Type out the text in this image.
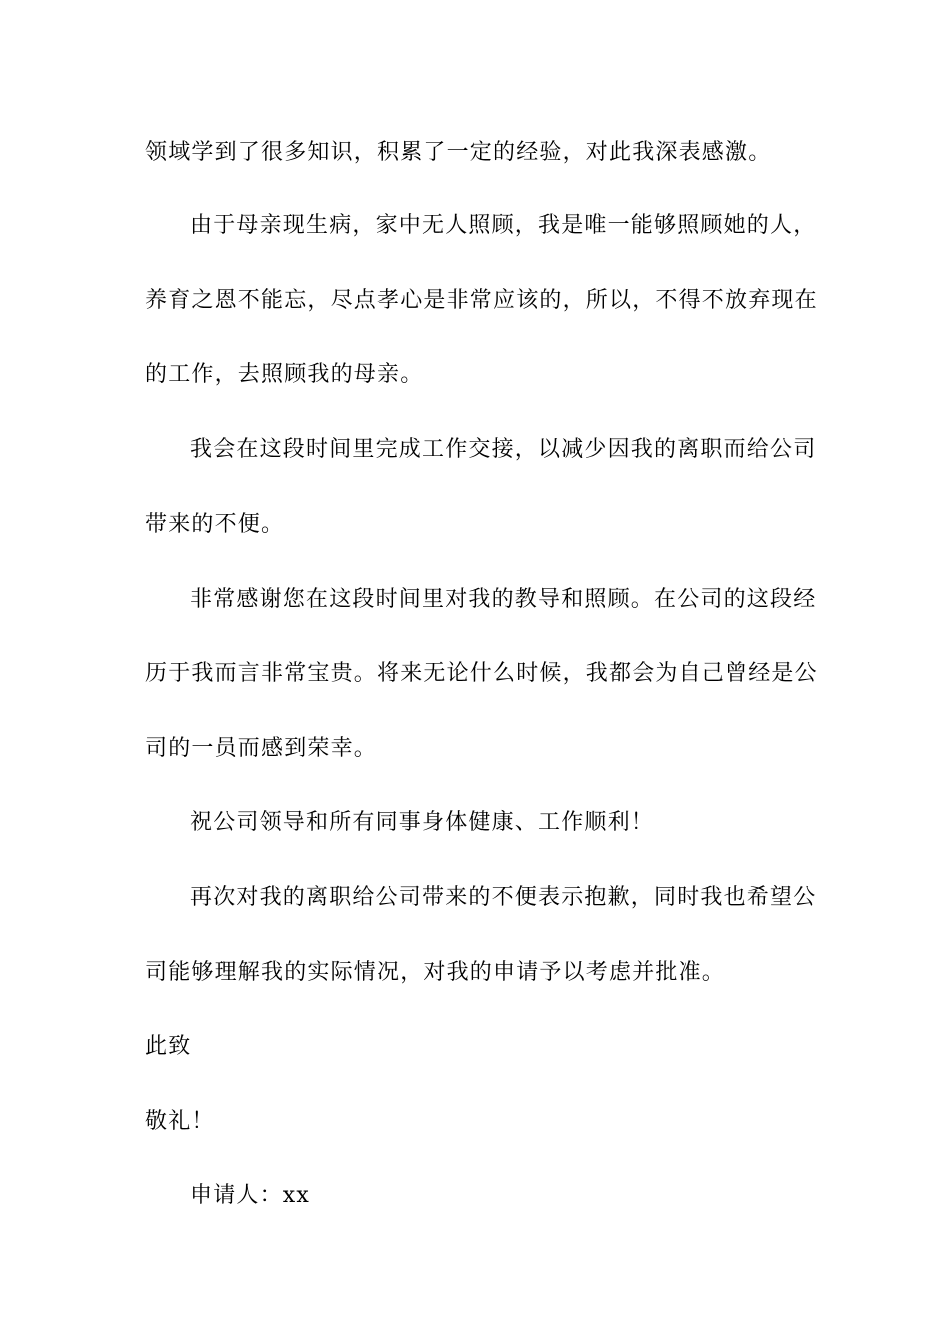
领域学到了很多知识，积累了一定的经验，对此我深表感激。
由于母亲现生病，家中无人照顾，我是唯一能够照顾她的人，
养育之恩不能忘，尽点孝心是非常应该的，所以，不得不放弃现在
的工作，去照顾我的母亲。
我会在这段时间里完成工作交接，以减少因我的离职而给公司
带来的不便。
非常感谢您在这段时间里对我的教导和照顾。在公司的这段经
历于我而言非常宝贵。将来无论什么时候，我都会为自己曾经是公
司的一员而感到荣幸。
祝公司领导和所有同事身体健康、工作顺利！
再次对我的离职给公司带来的不便表示抱歉，同时我也希望公
司能够理解我的实际情况，对我的申请予以考虑并批准。
此致
敬礼！
申请人：xx
